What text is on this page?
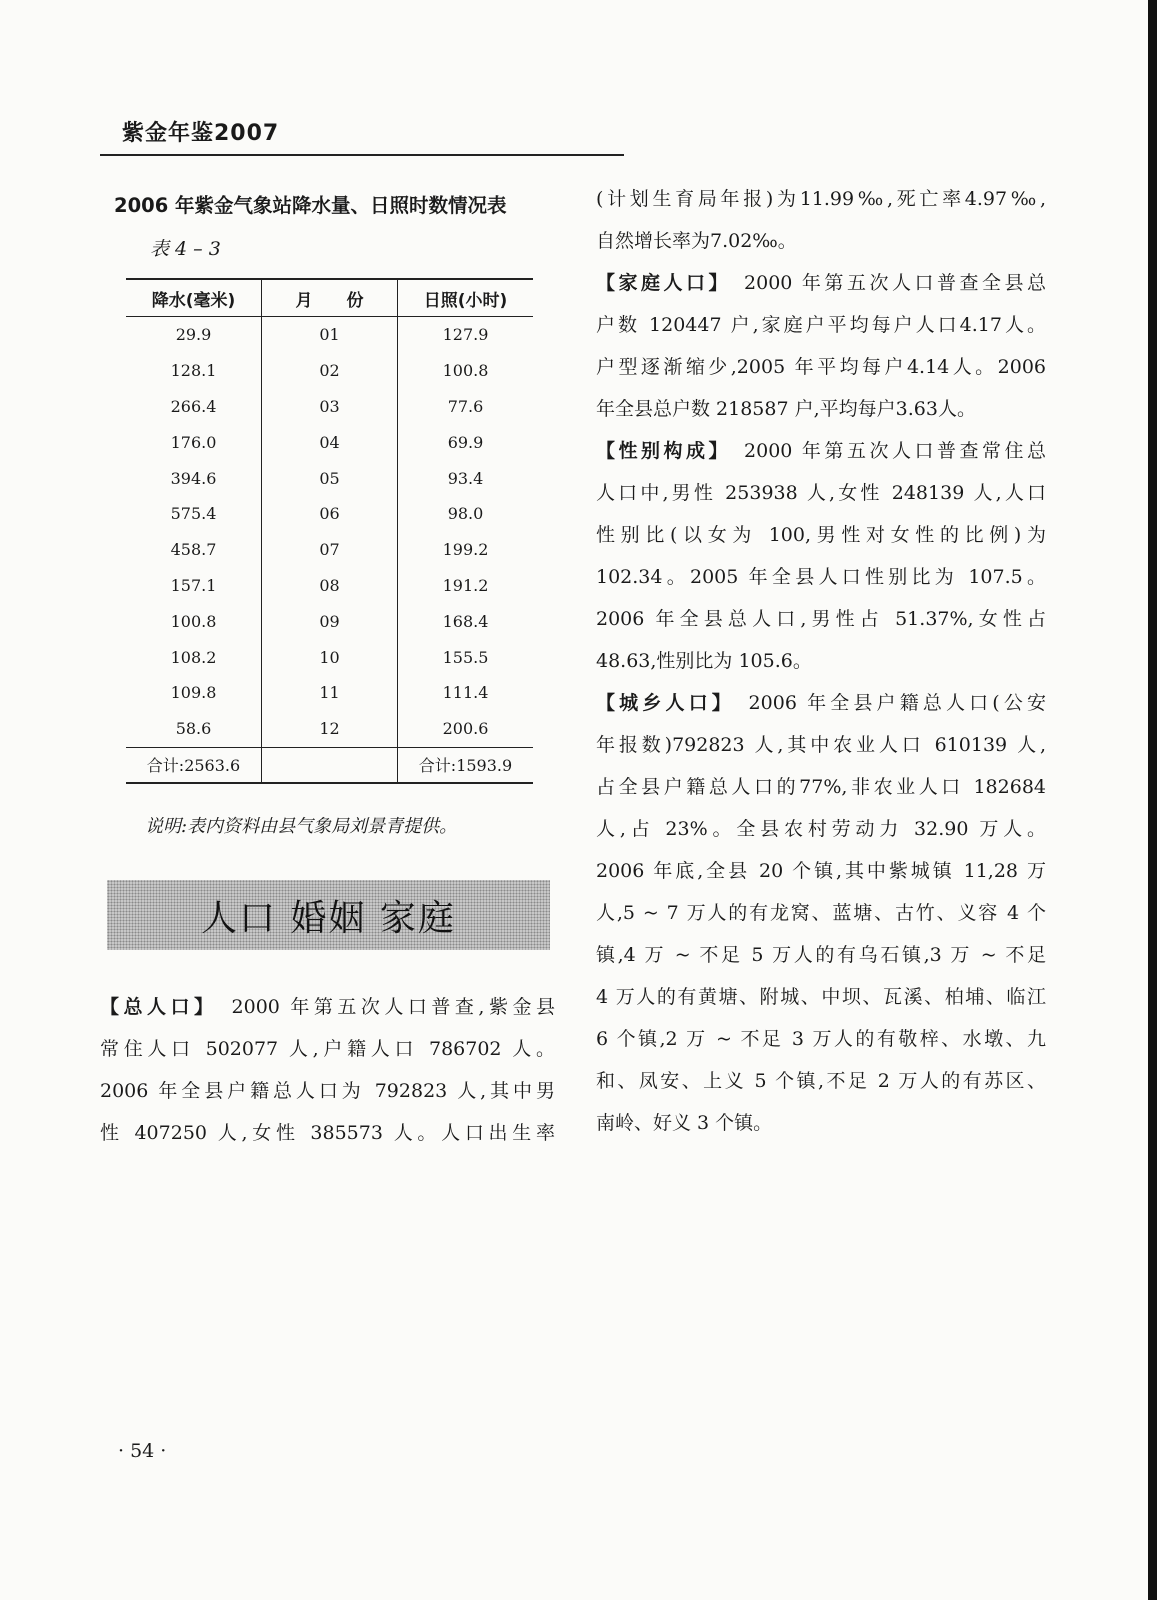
紫金年鉴2007
2006 年紫金气象站降水量、日照时数情况表
表 4 – 3
降水(毫米)	月　　份	日照(小时)
29.9	01	127.9
128.1	02	100.8
266.4	03	77.6
176.0	04	69.9
394.6	05	93.4
575.4	06	98.0
458.7	07	199.2
157.1	08	191.2
100.8	09	168.4
108.2	10	155.5
109.8	11	111.4
58.6	12	200.6
合计:2563.6		合计:1593.9
说明:表内资料由县气象局刘景青提供。
人口 婚姻 家庭

【总人口】　2000 年第五次人口普查,紫金县

常住人口 502077 人,户籍人口 786702 人。

2006 年全县户籍总人口为 792823 人,其中男

性 407250 人,女性 385573 人。人口出生率

(计划生育局年报)为11.99‰,死亡率4.97‰,

自然增长率为7.02‰。

【家庭人口】　2000 年第五次人口普查全县总

户数 120447 户,家庭户平均每户人口4.17人。

户型逐渐缩少,2005 年平均每户4.14人。2006

年全县总户数 218587 户,平均每户3.63人。

【性别构成】　2000 年第五次人口普查常住总

人口中,男性 253938 人,女性 248139 人,人口

性别比(以女为 100,男性对女性的比例)为

102.34。2005 年全县人口性别比为 107.5。

2006 年全县总人口,男性占 51.37%,女性占

48.63,性别比为 105.6。

【城乡人口】　2006 年全县户籍总人口(公安

年报数)792823 人,其中农业人口 610139 人,

占全县户籍总人口的77%,非农业人口 182684

人,占 23%。全县农村劳动力 32.90 万人。

2006 年底,全县 20 个镇,其中紫城镇 11,28 万

人,5 ~ 7 万人的有龙窝、蓝塘、古竹、义容 4 个

镇,4 万 ~ 不足 5 万人的有乌石镇,3 万 ~ 不足

4 万人的有黄塘、附城、中坝、瓦溪、柏埔、临江

6 个镇,2 万 ~ 不足 3 万人的有敬梓、水墩、九

和、凤安、上义 5 个镇,不足 2 万人的有苏区、

南岭、好义 3 个镇。

· 54 ·
